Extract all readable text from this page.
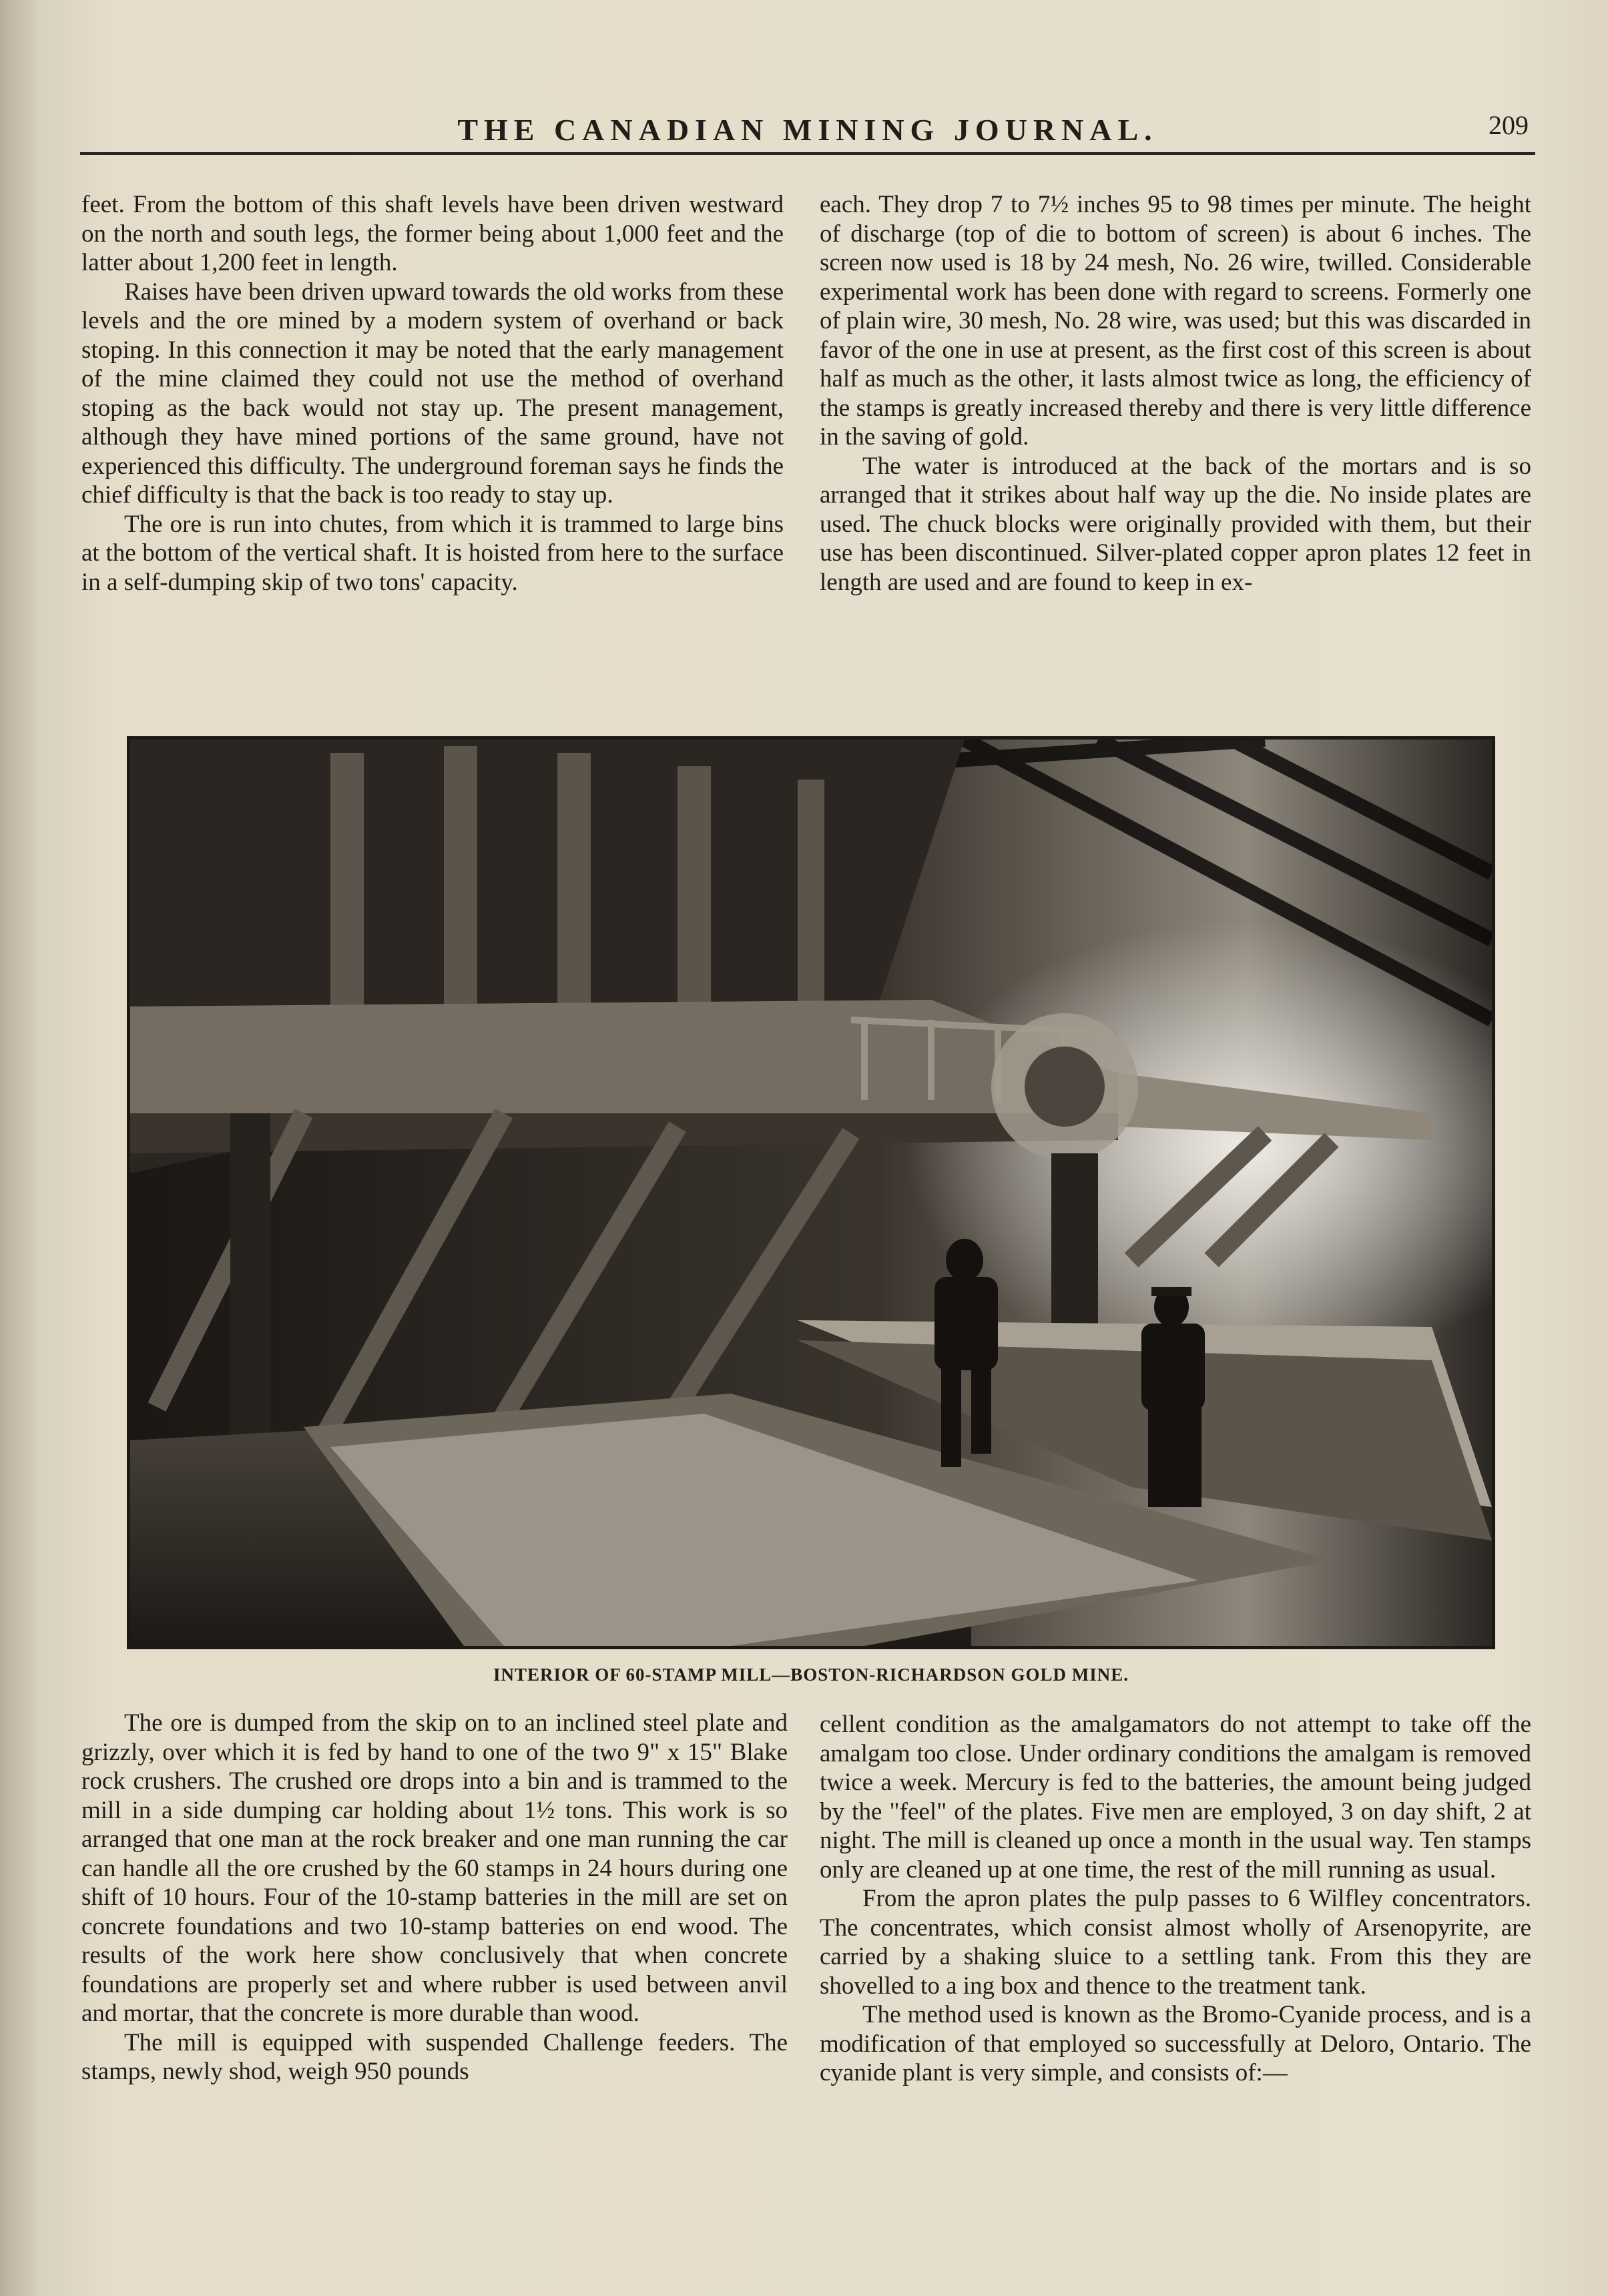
THE CANADIAN MINING JOURNAL.	209

feet. From the bottom of this shaft levels have been driven westward on the north and south legs, the former being about 1,000 feet and the latter about 1,200 feet in length.

Raises have been driven upward towards the old works from these levels and the ore mined by a modern system of overhand or back stoping. In this connection it may be noted that the early management of the mine claimed they could not use the method of overhand stoping as the back would not stay up. The present management, although they have mined portions of the same ground, have not experienced this difficulty. The underground foreman says he finds the chief difficulty is that the back is too ready to stay up.

The ore is run into chutes, from which it is trammed to large bins at the bottom of the vertical shaft. It is hoisted from here to the surface in a self-dumping skip of two tons' capacity.

each. They drop 7 to 7½ inches 95 to 98 times per minute. The height of discharge (top of die to bottom of screen) is about 6 inches. The screen now used is 18 by 24 mesh, No. 26 wire, twilled. Considerable experimental work has been done with regard to screens. Formerly one of plain wire, 30 mesh, No. 28 wire, was used; but this was discarded in favor of the one in use at present, as the first cost of this screen is about half as much as the other, it lasts almost twice as long, the efficiency of the stamps is greatly increased thereby and there is very little difference in the saving of gold.

The water is introduced at the back of the mortars and is so arranged that it strikes about half way up the die. No inside plates are used. The chuck blocks were originally provided with them, but their use has been discontinued. Silver-plated copper apron plates 12 feet in length are used and are found to keep in ex-

INTERIOR OF 60-STAMP MILL—BOSTON-RICHARDSON GOLD MINE.

The ore is dumped from the skip on to an inclined steel plate and grizzly, over which it is fed by hand to one of the two 9" x 15" Blake rock crushers. The crushed ore drops into a bin and is trammed to the mill in a side dumping car holding about 1½ tons. This work is so arranged that one man at the rock breaker and one man running the car can handle all the ore crushed by the 60 stamps in 24 hours during one shift of 10 hours. Four of the 10-stamp batteries in the mill are set on concrete foundations and two 10-stamp batteries on end wood. The results of the work here show conclusively that when concrete foundations are properly set and where rubber is used between anvil and mortar, that the concrete is more durable than wood.

The mill is equipped with suspended Challenge feeders. The stamps, newly shod, weigh 950 pounds

cellent condition as the amalgamators do not attempt to take off the amalgam too close. Under ordinary conditions the amalgam is removed twice a week. Mercury is fed to the batteries, the amount being judged by the "feel" of the plates. Five men are employed, 3 on day shift, 2 at night. The mill is cleaned up once a month in the usual way. Ten stamps only are cleaned up at one time, the rest of the mill running as usual.

From the apron plates the pulp passes to 6 Wilfley concentrators. The concentrates, which consist almost wholly of Arsenopyrite, are carried by a shaking sluice to a settling tank. From this they are shovelled to a ing box and thence to the treatment tank.

The method used is known as the Bromo-Cyanide process, and is a modification of that employed so successfully at Deloro, Ontario. The cyanide plant is very simple, and consists of:—
